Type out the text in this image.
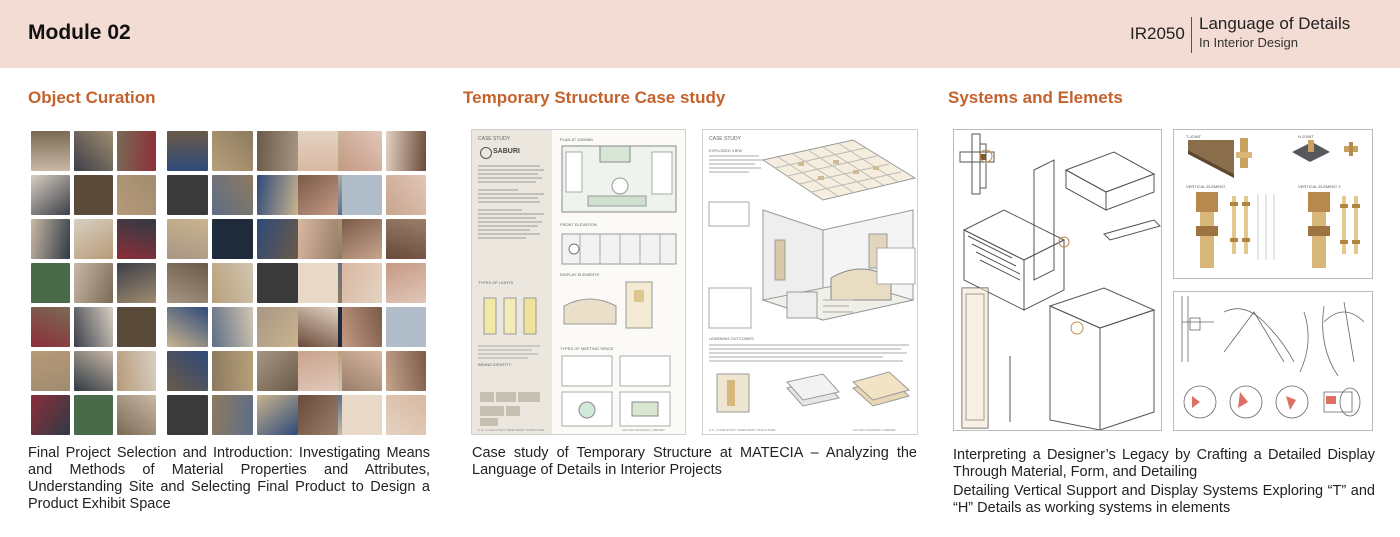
Module 02	IR2050
Language of Details
In Interior Design
Object Curation
Final Project Selection and Introduction: Investigating Means and Methods of Material Properties and Attributes, Understanding Site and Selecting Final Product to Design a Product Exhibit Space
Temporary Structure Case study
CASE STUDY
SABURI
TYPES OF LIGHTS
BRAND IDENTITY
PLAN AT 1000MM
FRONT ELEVATION
DISPLAY ELEMENTS
TYPES OF MEETING SPACE
C.S. | CASE STUDY TEMPORARY STRUCTURE	AAYSHA SANGHAVI | UB00967
CASE STUDY
EXPLODED VIEW
LEARNING OUTCOMES
C.S. | CASE STUDY TEMPORARY STRUCTURE	AAYSHA SANGHAVI | UB00967
Case study of Temporary Structure at MATECIA – Analyzing the Language of Details in Interior Projects
Systems and Elemets
T-JOINT	H-JOINT
VERTICAL ELEMENT	VERTICAL ELEMENT 2
Interpreting a Designer’s Legacy by Crafting a Detailed Display Through Material, Form, and Detailing
Detailing Vertical Support and Display Systems Exploring “T” and “H” Details as working systems in elements
